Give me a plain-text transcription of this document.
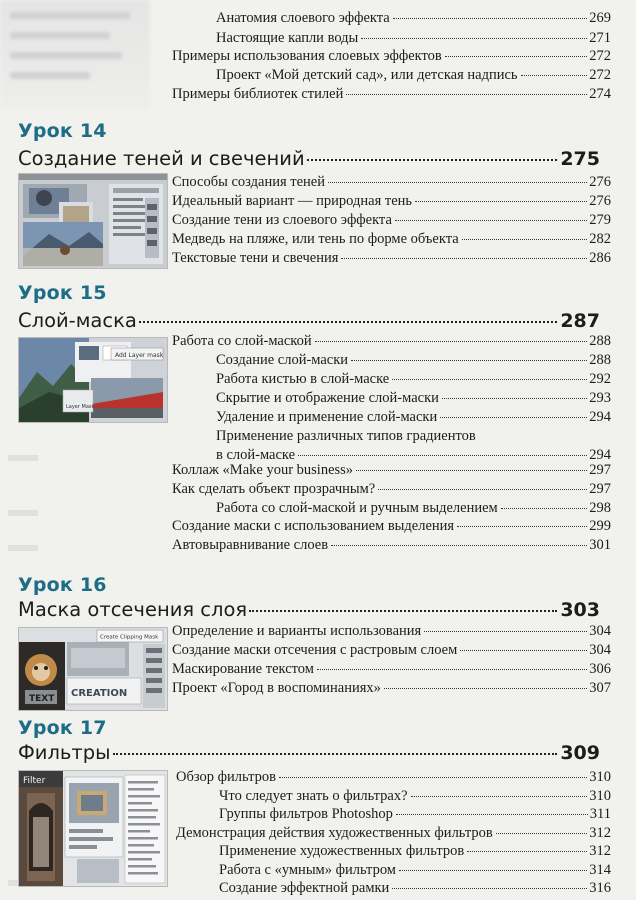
Анатомия слоевого эффекта	269
Настоящие капли воды	271
Примеры использования слоевых эффектов	272
Проект «Мой детский сад», или детская надпись	272
Примеры библиотек стилей	274
Урок 14
Создание теней и свечений	275
Способы создания теней	276
Идеальный вариант — природная тень	276
Создание тени из слоевого эффекта	279
Медведь на пляже, или тень по форме объекта	282
Текстовые тени и свечения	286
Урок 15
Слой-маска	287
Add Layer mask
Layer Mask
Работа со слой-маской	288
Создание слой-маски	288
Работа кистью в слой-маске	292
Скрытие и отображение слой-маски	293
Удаление и применение слой-маски	294
Применение различных типов градиентов
в слой-маске	294
Коллаж «Make your business»	297
Как сделать объект прозрачным?	297
Работа со слой-маской и ручным выделением	298
Создание маски с использованием выделения	299
Автовыравнивание слоев	301
Урок 16
Маска отсечения слоя	303
TEXT
Create Clipping Mask
CREATION
Определение и варианты использования	304
Создание маски отсечения с растровым слоем	304
Маскирование текстом	306
Проект «Город в воспоминаниях»	307
Урок 17
Фильтры	309
Filter	Обзор фильтров	310
Что следует знать о фильтрах?	310
Группы фильтров Photoshop	311
Демонстрация действия художественных фильтров	312
Применение художественных фильтров	312
Работа с «умным» фильтром	314
Создание эффектной рамки	316
